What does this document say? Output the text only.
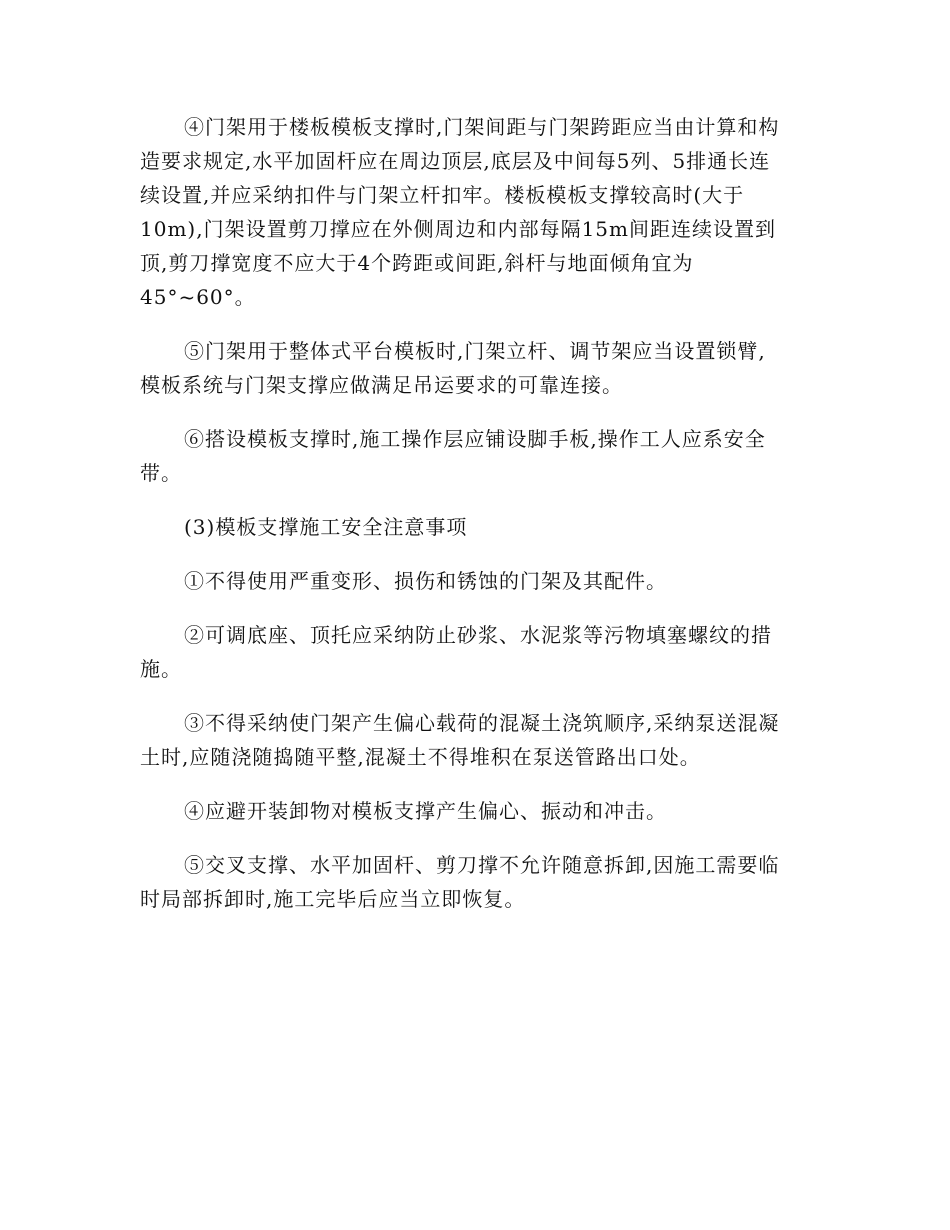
④门架用于楼板模板支撑时,门架间距与门架跨距应当由计算和构
造要求规定,水平加固杆应在周边顶层,底层及中间每5列、5排通长连
续设置,并应采纳扣件与门架立杆扣牢。楼板模板支撑较高时(大于
10m),门架设置剪刀撑应在外侧周边和内部每隔15m间距连续设置到
顶,剪刀撑宽度不应大于4个跨距或间距,斜杆与地面倾角宜为
45°~60°。
⑤门架用于整体式平台模板时,门架立杆、调节架应当设置锁臂,
模板系统与门架支撑应做满足吊运要求的可靠连接。
⑥搭设模板支撑时,施工操作层应铺设脚手板,操作工人应系安全
带。
(3)模板支撑施工安全注意事项
①不得使用严重变形、损伤和锈蚀的门架及其配件。
②可调底座、顶托应采纳防止砂浆、水泥浆等污物填塞螺纹的措
施。
③不得采纳使门架产生偏心载荷的混凝土浇筑顺序,采纳泵送混凝
土时,应随浇随捣随平整,混凝土不得堆积在泵送管路出口处。
④应避开装卸物对模板支撑产生偏心、振动和冲击。
⑤交叉支撑、水平加固杆、剪刀撑不允许随意拆卸,因施工需要临
时局部拆卸时,施工完毕后应当立即恢复。
